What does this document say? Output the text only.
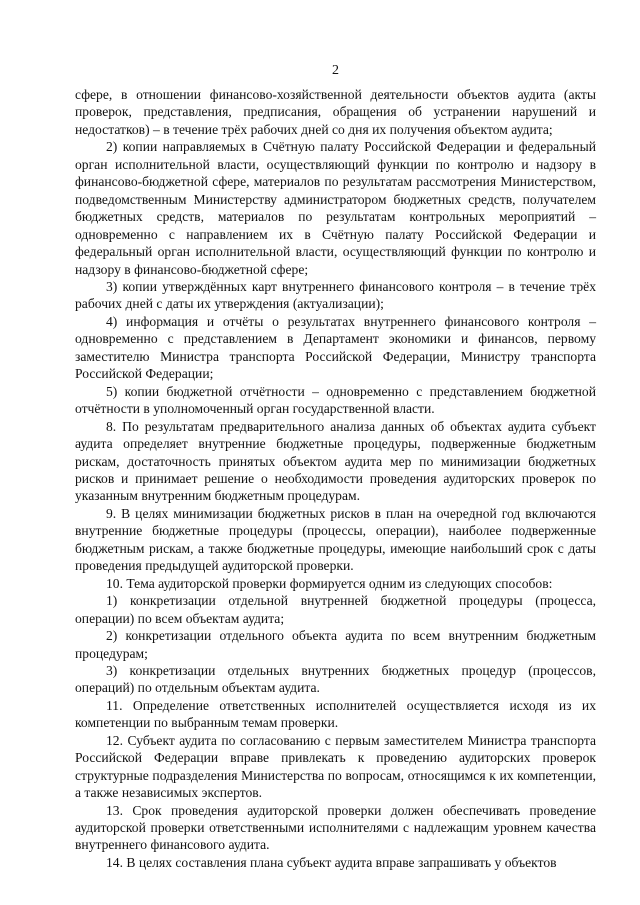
2

сфере, в отношении финансово-хозяйственной деятельности объектов аудита (акты проверок, представления, предписания, обращения об устранении нарушений и недостатков) – в течение трёх рабочих дней со дня их получения объектом аудита;

2) копии направляемых в Счётную палату Российской Федерации и федеральный орган исполнительной власти, осуществляющий функции по контролю и надзору в финансово-бюджетной сфере, материалов по результатам рассмотрения Министерством, подведомственным Министерству администратором бюджетных средств, получателем бюджетных средств, материалов по результатам контрольных мероприятий – одновременно с направлением их в Счётную палату Российской Федерации и федеральный орган исполнительной власти, осуществляющий функции по контролю и надзору в финансово-бюджетной сфере;

3) копии утверждённых карт внутреннего финансового контроля – в течение трёх рабочих дней с даты их утверждения (актуализации);

4) информация и отчёты о результатах внутреннего финансового контроля – одновременно с представлением в Департамент экономики и финансов, первому заместителю Министра транспорта Российской Федерации, Министру транспорта Российской Федерации;

5) копии бюджетной отчётности – одновременно с представлением бюджетной отчётности в уполномоченный орган государственной власти.

8. По результатам предварительного анализа данных об объектах аудита субъект аудита определяет внутренние бюджетные процедуры, подверженные бюджетным рискам, достаточность принятых объектом аудита мер по минимизации бюджетных рисков и принимает решение о необходимости проведения аудиторских проверок по указанным внутренним бюджетным процедурам.

9. В целях минимизации бюджетных рисков в план на очередной год включаются внутренние бюджетные процедуры (процессы, операции), наиболее подверженные бюджетным рискам, а также бюджетные процедуры, имеющие наибольший срок с даты проведения предыдущей аудиторской проверки.

10. Тема аудиторской проверки формируется одним из следующих способов:

1) конкретизации отдельной внутренней бюджетной процедуры (процесса, операции) по всем объектам аудита;

2) конкретизации отдельного объекта аудита по всем внутренним бюджетным процедурам;

3) конкретизации отдельных внутренних бюджетных процедур (процессов, операций) по отдельным объектам аудита.

11. Определение ответственных исполнителей осуществляется исходя из их компетенции по выбранным темам проверки.

12. Субъект аудита по согласованию с первым заместителем Министра транспорта Российской Федерации вправе привлекать к проведению аудиторских проверок структурные подразделения Министерства по вопросам, относящимся к их компетенции, а также независимых экспертов.

13. Срок проведения аудиторской проверки должен обеспечивать проведение аудиторской проверки ответственными исполнителями с надлежащим уровнем качества внутреннего финансового аудита.

14. В целях составления плана субъект аудита вправе запрашивать у объектов
